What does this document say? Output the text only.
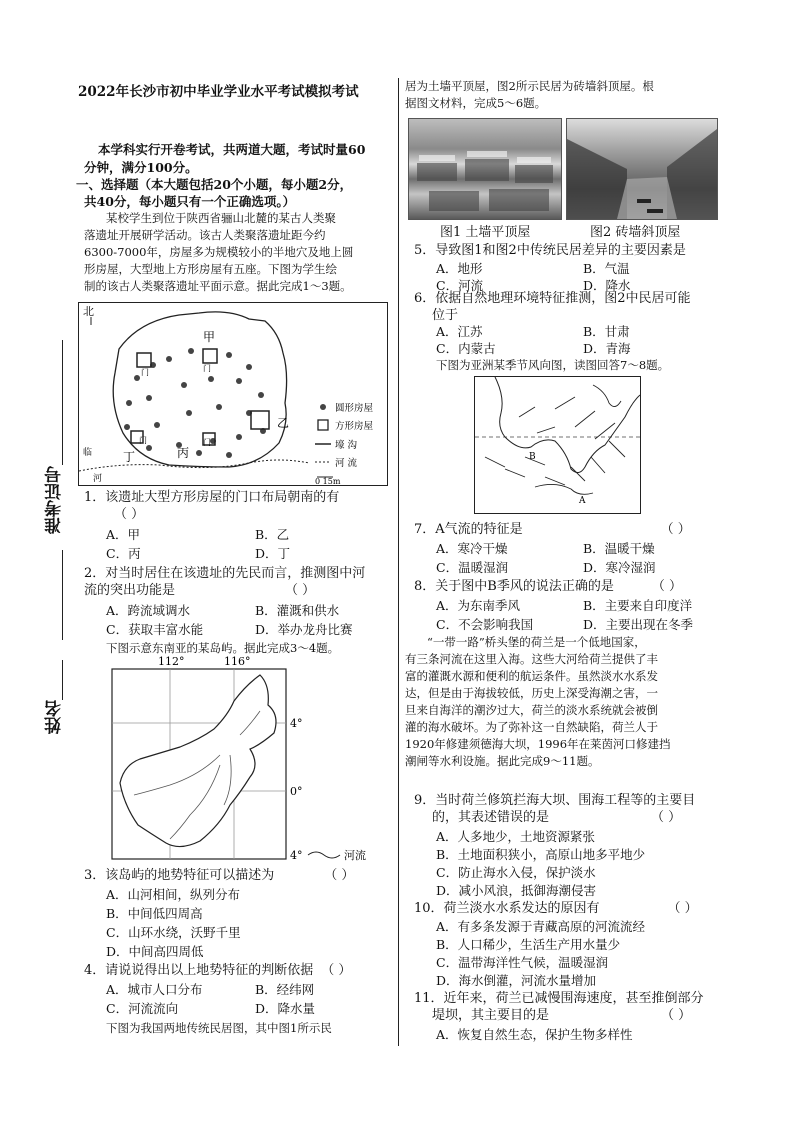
准考证号
姓名
2022年长沙市初中毕业学业水平考试模拟考试
本学科实行开卷考试，共两道大题，考试时量60
分钟，满分100分。
一、选择题（本大题包括20个小题，每小题2分，
共40分，每小题只有一个正确选项。）
某校学生到位于陕西省骊山北麓的某古人类聚
落遗址开展研学活动。该古人类聚落遗址距今约
6300-7000年，房屋多为规模较小的半地穴及地上圆
形房屋，大型地上方形房屋有五座。下图为学生绘
制的该古人类聚落遗址平面示意。据此完成1～3题。
北
甲
乙
丙
丁
门	门
门	门
临
河
圆形房屋
方形房屋
壕 沟
河 流
0 15m
1．该遗址大型方形房屋的门口布局朝南的有
（ ）
A．甲	B．乙
C．丙	D．丁
2．对当时居住在该遗址的先民而言，推测图中河
流的突出功能是	（ ）
A．跨流域调水	B．灌溉和供水
C．获取丰富水能	D．举办龙舟比赛
下图示意东南亚的某岛屿。据此完成3～4题。
112°	116°
4°
0°
4°	河流
3．该岛屿的地势特征可以描述为	（ ）
A．山河相间，纵列分布
B．中间低四周高
C．山环水绕，沃野千里
D．中间高四周低
4．请说说得出以上地势特征的判断依据 （ ）
A．城市人口分布	B．经纬网
C．河流流向	D．降水量
下图为我国两地传统民居图，其中图1所示民
居为土墙平顶屋，图2所示民居为砖墙斜顶屋。根
据图文材料，完成5～6题。
图1 土墙平顶屋	图2 砖墙斜顶屋
5．导致图1和图2中传统民居差异的主要因素是
A．地形	B．气温
C．河流	D．降水
6．依据自然地理环境特征推测，图2中民居可能
位于
A．江苏	B．甘肃
C．内蒙古	D．青海
下图为亚洲某季节风向图，读图回答7～8题。
B
A
7．A气流的特征是	（ ）
A．寒冷干燥	B．温暖干燥
C．温暖湿润	D．寒冷湿润
8．关于图中B季风的说法正确的是	（ ）
A．为东南季风	B．主要来自印度洋
C．不会影响我国	D．主要出现在冬季
“一带一路”桥头堡的荷兰是一个低地国家，
有三条河流在这里入海。这些大河给荷兰提供了丰
富的灌溉水源和便利的航运条件。虽然淡水水系发
达，但是由于海拔较低，历史上深受海潮之害，一
旦来自海洋的潮汐过大，荷兰的淡水系统就会被倒
灌的海水破坏。为了弥补这一自然缺陷，荷兰人于
1920年修建须德海大坝，1996年在莱茵河口修建挡
潮闸等水利设施。据此完成9～11题。
9．当时荷兰修筑拦海大坝、围海工程等的主要目
的，其表述错误的是	（ ）
A．人多地少，土地资源紧张
B．土地面积狭小，高原山地多平地少
C．防止海水入侵，保护淡水
D．减小风浪，抵御海潮侵害
10．荷兰淡水水系发达的原因有	（ ）
A．有多条发源于青藏高原的河流流经
B．人口稀少，生活生产用水量少
C．温带海洋性气候，温暖湿润
D．海水倒灌，河流水量增加
11．近年来，荷兰已减慢围海速度，甚至推倒部分
堤坝，其主要目的是	（ ）
A．恢复自然生态，保护生物多样性
